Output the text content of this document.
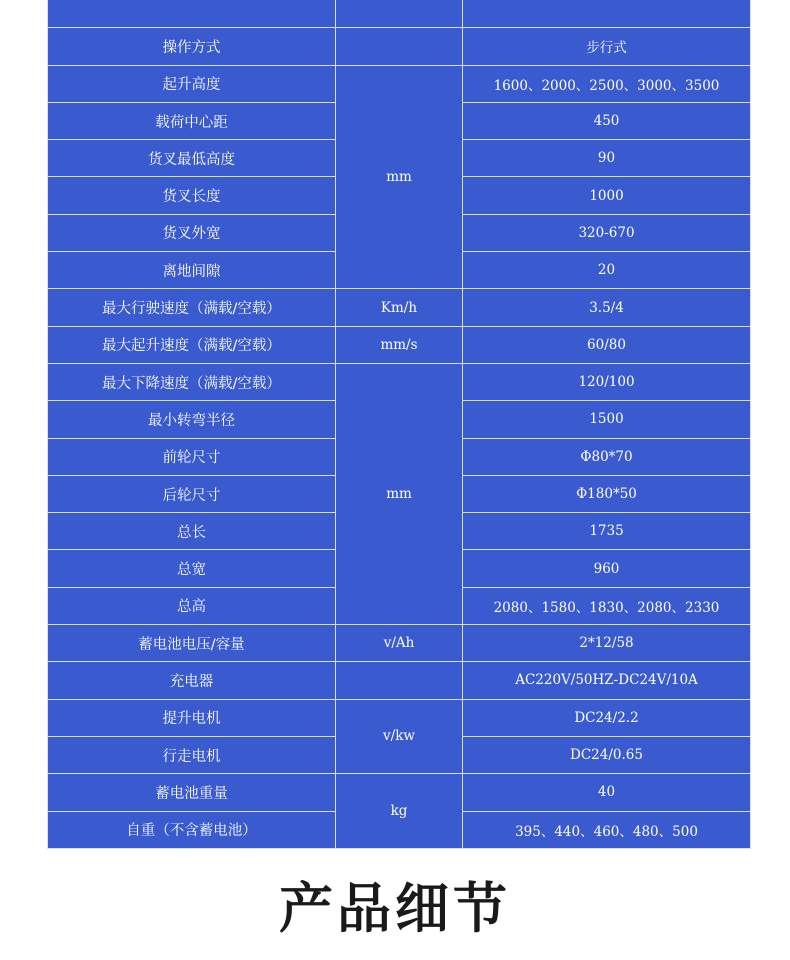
操作方式		步行式
起升高度	mm	1600、2000、2500、3000、3500
载荷中心距		450
货叉最低高度		90
货叉长度		1000
货叉外宽		320-670
离地间隙		20
最大行驶速度（满载/空载）	Km/h	3.5/4
最大起升速度（满载/空载）	mm/s	60/80
最大下降速度（满载/空载）	mm	120/100
最小转弯半径		1500
前轮尺寸		Φ80*70
后轮尺寸		Φ180*50
总长		1735
总宽		960
总高		2080、1580、1830、2080、2330
蓄电池电压/容量	v/Ah	2*12/58
充电器		AC220V/50HZ-DC24V/10A
提升电机	v/kw	DC24/2.2
行走电机		DC24/0.65
蓄电池重量	kg	40
自重（不含蓄电池）		395、440、460、480、500
产品细节
